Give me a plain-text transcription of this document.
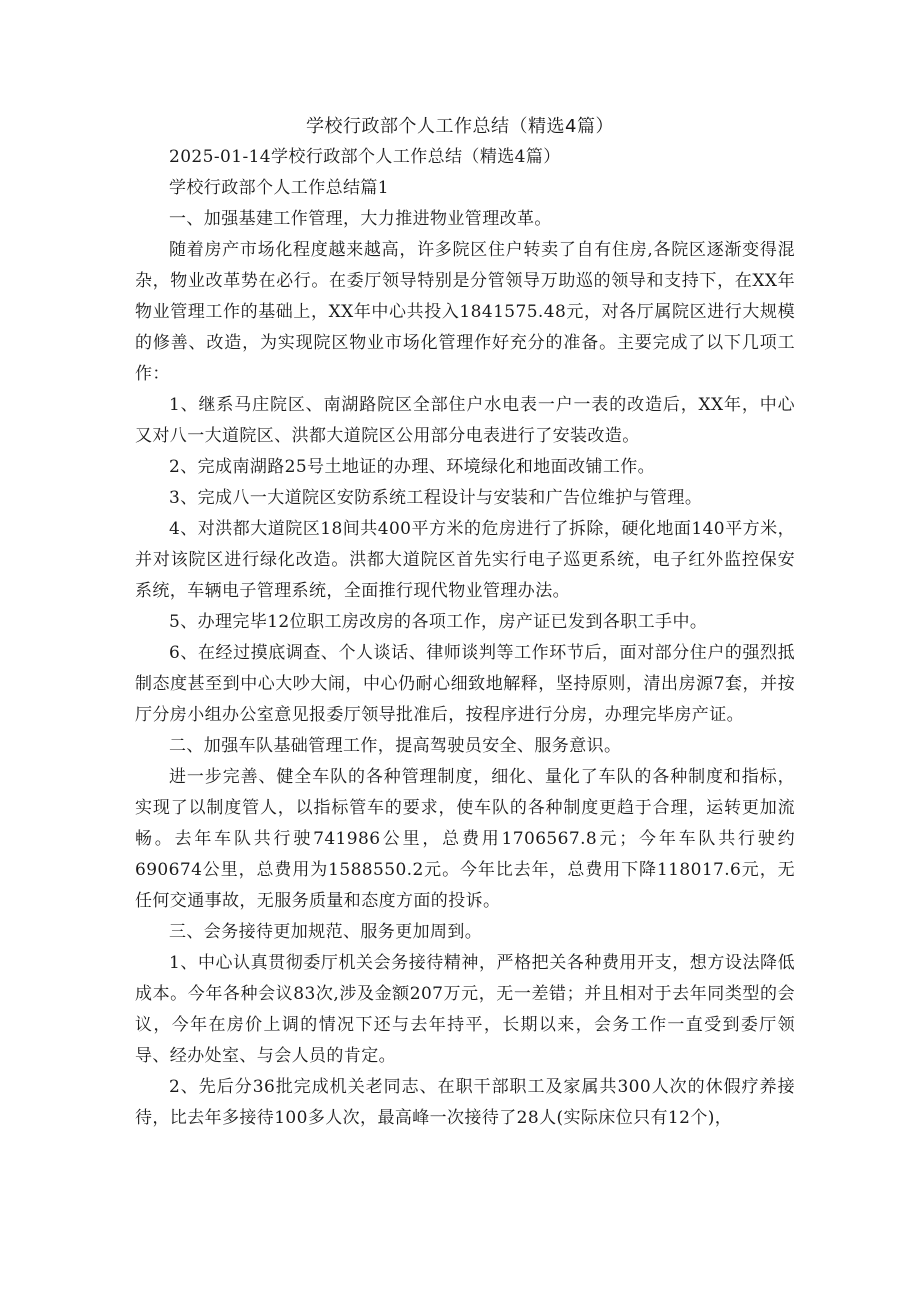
学校行政部个人工作总结（精选4篇）

2025-01-14学校行政部个人工作总结（精选4篇）

学校行政部个人工作总结篇1

一、加强基建工作管理，大力推进物业管理改革。

随着房产市场化程度越来越高，许多院区住户转卖了自有住房,各院区逐渐变得混杂，物业改革势在必行。在委厅领导特别是分管领导万助巡的领导和支持下，在XX年物业管理工作的基础上，XX年中心共投入1841575.48元，对各厅属院区进行大规模的修善、改造，为实现院区物业市场化管理作好充分的准备。主要完成了以下几项工作：

1、继系马庄院区、南湖路院区全部住户水电表一户一表的改造后，XX年，中心又对八一大道院区、洪都大道院区公用部分电表进行了安装改造。

2、完成南湖路25号土地证的办理、环境绿化和地面改铺工作。

3、完成八一大道院区安防系统工程设计与安装和广告位维护与管理。

4、对洪都大道院区18间共400平方米的危房进行了拆除，硬化地面140平方米，并对该院区进行绿化改造。洪都大道院区首先实行电子巡更系统，电子红外监控保安系统，车辆电子管理系统，全面推行现代物业管理办法。

5、办理完毕12位职工房改房的各项工作，房产证已发到各职工手中。

6、在经过摸底调查、个人谈话、律师谈判等工作环节后，面对部分住户的强烈抵制态度甚至到中心大吵大闹，中心仍耐心细致地解释，坚持原则，清出房源7套，并按厅分房小组办公室意见报委厅领导批准后，按程序进行分房，办理完毕房产证。

二、加强车队基础管理工作，提高驾驶员安全、服务意识。

进一步完善、健全车队的各种管理制度，细化、量化了车队的各种制度和指标，实现了以制度管人，以指标管车的要求，使车队的各种制度更趋于合理，运转更加流畅。去年车队共行驶741986公里，总费用1706567.8元；今年车队共行驶约690674公里，总费用为1588550.2元。今年比去年，总费用下降118017.6元，无任何交通事故，无服务质量和态度方面的投诉。

三、会务接待更加规范、服务更加周到。

1、中心认真贯彻委厅机关会务接待精神，严格把关各种费用开支，想方设法降低成本。今年各种会议83次,涉及金额207万元，无一差错；并且相对于去年同类型的会议，今年在房价上调的情况下还与去年持平，长期以来，会务工作一直受到委厅领导、经办处室、与会人员的肯定。

2、先后分36批完成机关老同志、在职干部职工及家属共300人次的休假疗养接待，比去年多接待100多人次，最高峰一次接待了28人(实际床位只有12个)，
